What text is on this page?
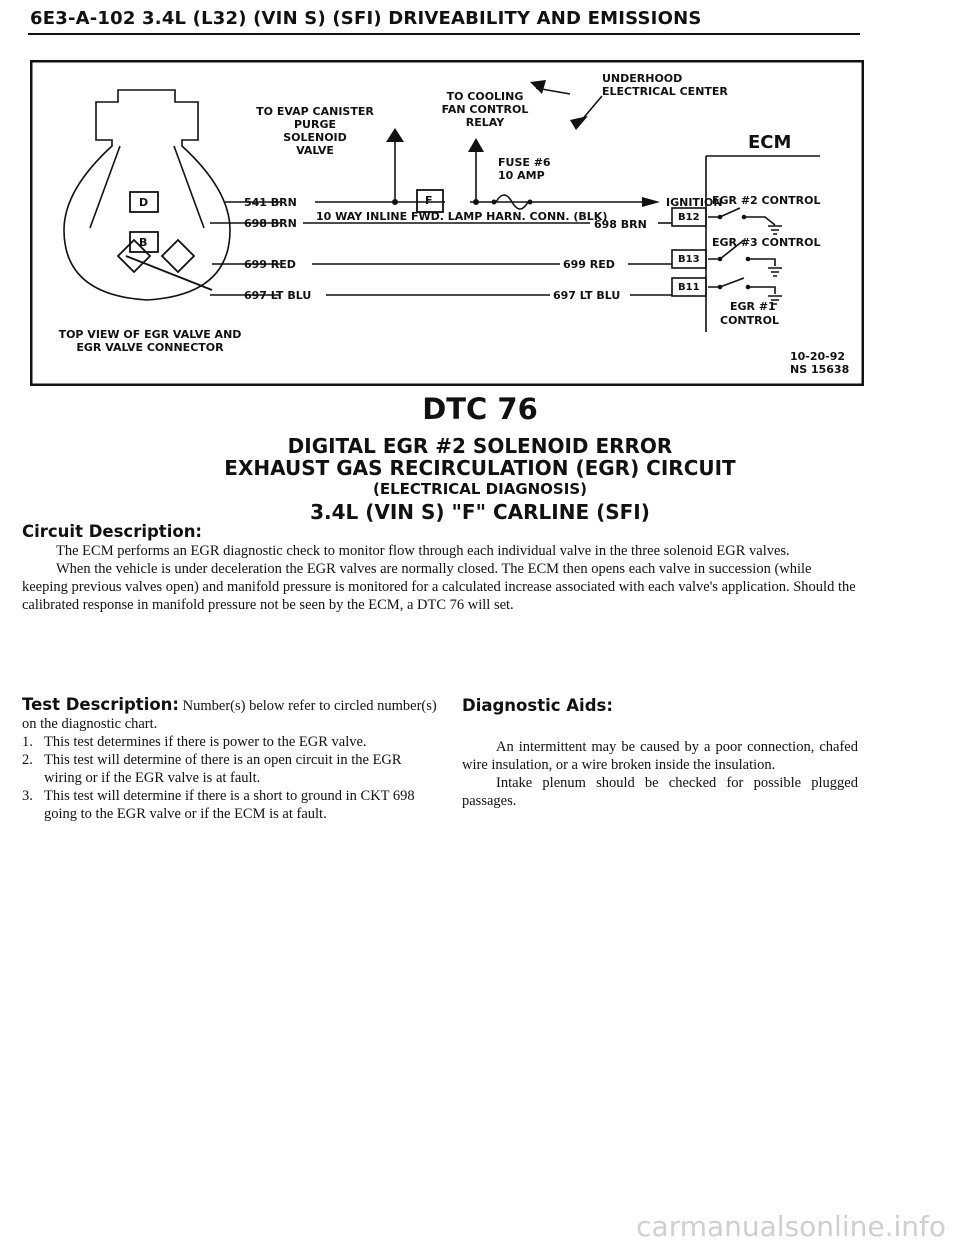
6E3-A-102 3.4L (L32) (VIN S) (SFI) DRIVEABILITY AND EMISSIONS
TO EVAP CANISTER
PURGE
SOLENOID
VALVE
TO COOLING
FAN CONTROL
RELAY
UNDERHOOD
ELECTRICAL CENTER
FUSE #6
10 AMP
IGNITION
10 WAY INLINE FWD. LAMP HARN. CONN. (BLK)
F
D
B
541 BRN
698 BRN
699 RED
697 LT BLU
698 BRN
699 RED
697 LT BLU
ECM
B12
B13
B11
EGR #2 CONTROL
EGR #3 CONTROL
EGR #1
CONTROL
TOP VIEW OF EGR VALVE AND
EGR VALVE CONNECTOR
10-20-92
NS 15638
DTC 76
DIGITAL EGR #2 SOLENOID ERROR
EXHAUST GAS RECIRCULATION (EGR) CIRCUIT
(ELECTRICAL DIAGNOSIS)
3.4L (VIN S) "F" CARLINE (SFI)
Circuit Description:

The ECM performs an EGR diagnostic check to monitor flow through each individual valve in the three solenoid EGR valves.

When the vehicle is under deceleration the EGR valves are normally closed. The ECM then opens each valve in succession (while keeping previous valves open) and manifold pressure is monitored for a calculated increase associated with each valve's application. Should the calibrated response in manifold pressure not be seen by the ECM, a DTC 76 will set.

Test Description: Number(s) below refer to circled number(s) on the diagnostic chart.
1. This test determines if there is power to the EGR valve.
2. This test will determine of there is an open circuit in the EGR wiring or if the EGR valve is at fault.
3. This test will determine if there is a short to ground in CKT 698 going to the EGR valve or if the ECM is at fault.
Diagnostic Aids:

An intermittent may be caused by a poor connection, chafed wire insulation, or a wire broken inside the insulation.

Intake plenum should be checked for possible plugged passages.

carmanualsonline.info
